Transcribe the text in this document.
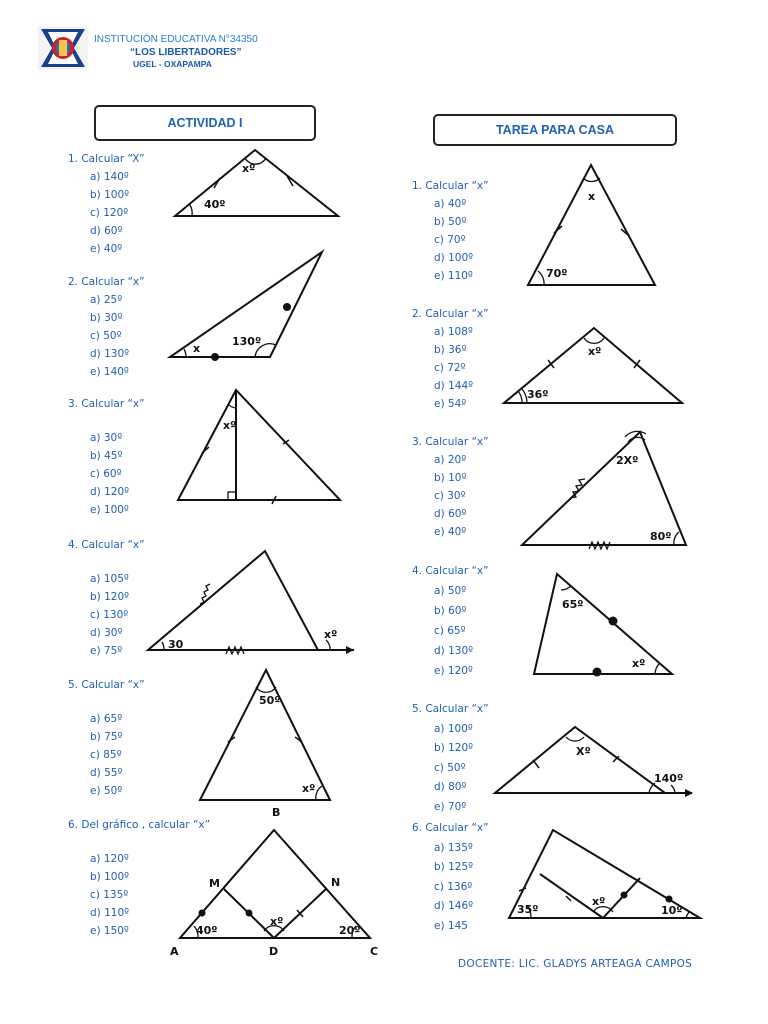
INSTITUCIÓN EDUCATIVA N°34350
“LOS LIBERTADORES”
UGEL - OXAPAMPA
ACTIVIDAD I	TAREA PARA CASA
1. Calcular “X”
a) 140º
b) 100º
c) 120º
d) 60º
e) 40º
2. Calcular “x”
a) 25º
b) 30º
c) 50º
d) 130º
e) 140º
3. Calcular “x”
a) 30º
b) 45º
c) 60º
d) 120º
e) 100º
4. Calcular “x”
a) 105º
b) 120º
c) 130º
d) 30º
e) 75º
5. Calcular “x”
a) 65º
b) 75º
c) 85º
d) 55º
e) 50º
6. Del gráfico , calcular “x”
a) 120º
b) 100º
c) 135º
d) 110º
e) 150º
1. Calcular “x”
a) 40º
b) 50º
c) 70º
d) 100º
e) 110º
2. Calcular “x”
a) 108º
b) 36º
c) 72º
d) 144º
e) 54º
3. Calcular “x”
a) 20º
b) 10º
c) 30º
d) 60º
e) 40º
4. Calcular “x”
a) 50º
b) 60º
c) 65º
d) 130º
e) 120º
5. Calcular “x”
a) 100º
b) 120º
c) 50º
d) 80º
e) 70º
6. Calcular “x”
a) 135º
b) 125º
c) 136º
d) 146º
e) 145
xº
40º
x
130º
xº
30
xº
50º
xº
B
M	N
A	D	C
40º	20º
xº
x
70º
xº
36º
2Xº
80º
65º
xº
Xº
140º
35º
xº
10º
DOCENTE: LIC. GLADYS ARTEAGA CAMPOS
